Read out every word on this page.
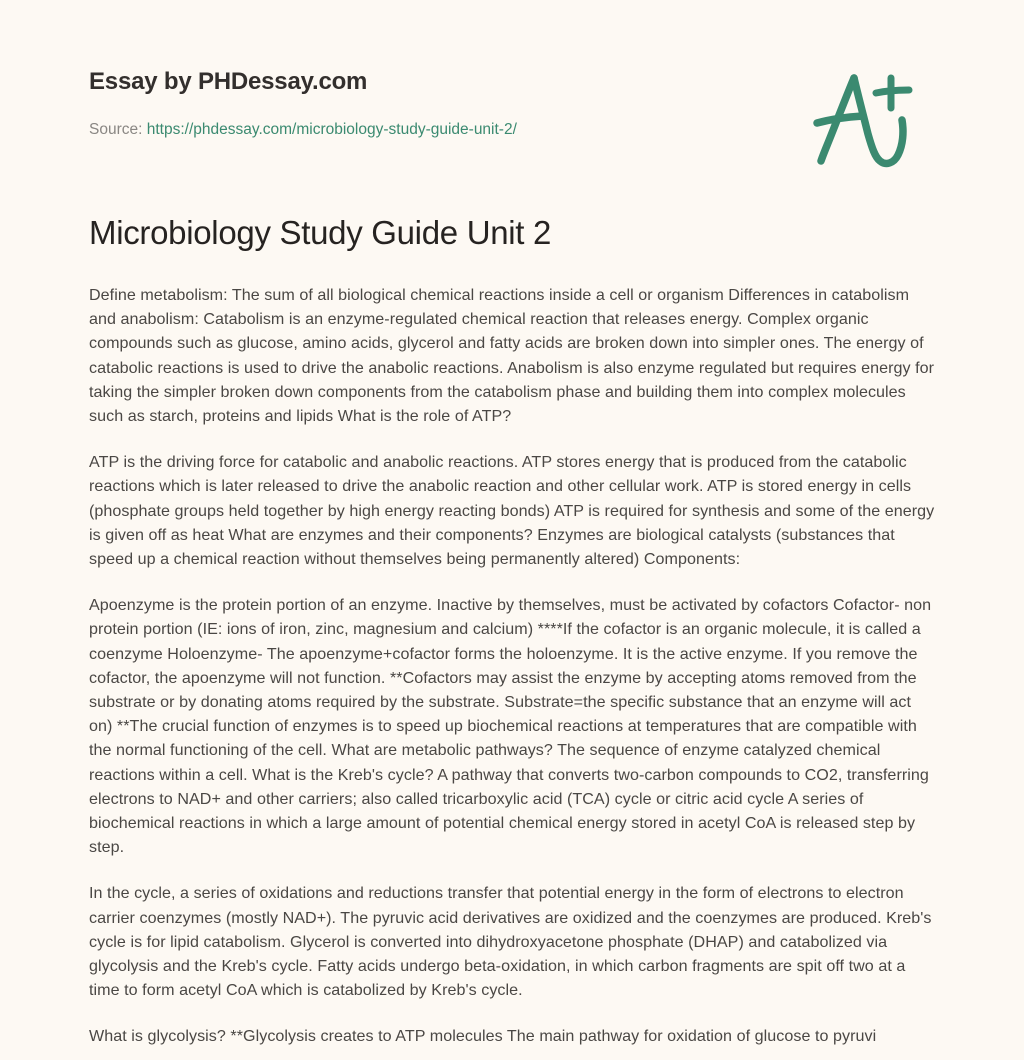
Essay by PHDessay.com
Source: https://phdessay.com/microbiology-study-guide-unit-2/
Microbiology Study Guide Unit 2

Define metabolism: The sum of all biological chemical reactions inside a cell or organism Differences in catabolism and anabolism: Catabolism is an enzyme-regulated chemical reaction that releases energy. Complex organic compounds such as glucose, amino acids, glycerol and fatty acids are broken down into simpler ones. The energy of catabolic reactions is used to drive the anabolic reactions. Anabolism is also enzyme regulated but requires energy for taking the simpler broken down components from the catabolism phase and building them into complex molecules such as starch, proteins and lipids What is the role of ATP?

ATP is the driving force for catabolic and anabolic reactions. ATP stores energy that is produced from the catabolic reactions which is later released to drive the anabolic reaction and other cellular work. ATP is stored energy in cells (phosphate groups held together by high energy reacting bonds) ATP is required for synthesis and some of the energy is given off as heat What are enzymes and their components? Enzymes are biological catalysts (substances that speed up a chemical reaction without themselves being permanently altered) Components:

Apoenzyme is the protein portion of an enzyme. Inactive by themselves, must be activated by cofactors Cofactor- non protein portion (IE: ions of iron, zinc, magnesium and calcium) ****If the cofactor is an organic molecule, it is called a coenzyme Holoenzyme- The apoenzyme+cofactor forms the holoenzyme. It is the active enzyme. If you remove the cofactor, the apoenzyme will not function. **Cofactors may assist the enzyme by accepting atoms removed from the substrate or by donating atoms required by the substrate. Substrate=the specific substance that an enzyme will act on) **The crucial function of enzymes is to speed up biochemical reactions at temperatures that are compatible with the normal functioning of the cell. What are metabolic pathways? The sequence of enzyme catalyzed chemical reactions within a cell. What is the Kreb's cycle? A pathway that converts two-carbon compounds to CO2, transferring electrons to NAD+ and other carriers; also called tricarboxylic acid (TCA) cycle or citric acid cycle A series of biochemical reactions in which a large amount of potential chemical energy stored in acetyl CoA is released step by step.

In the cycle, a series of oxidations and reductions transfer that potential energy in the form of electrons to electron carrier coenzymes (mostly NAD+). The pyruvic acid derivatives are oxidized and the coenzymes are produced. Kreb's cycle is for lipid catabolism. Glycerol is converted into dihydroxyacetone phosphate (DHAP) and catabolized via glycolysis and the Kreb's cycle. Fatty acids undergo beta-oxidation, in which carbon fragments are spit off two at a time to form acetyl CoA which is catabolized by Kreb's cycle.

What is glycolysis? **Glycolysis creates to ATP molecules The main pathway for oxidation of glucose to pyruvi
